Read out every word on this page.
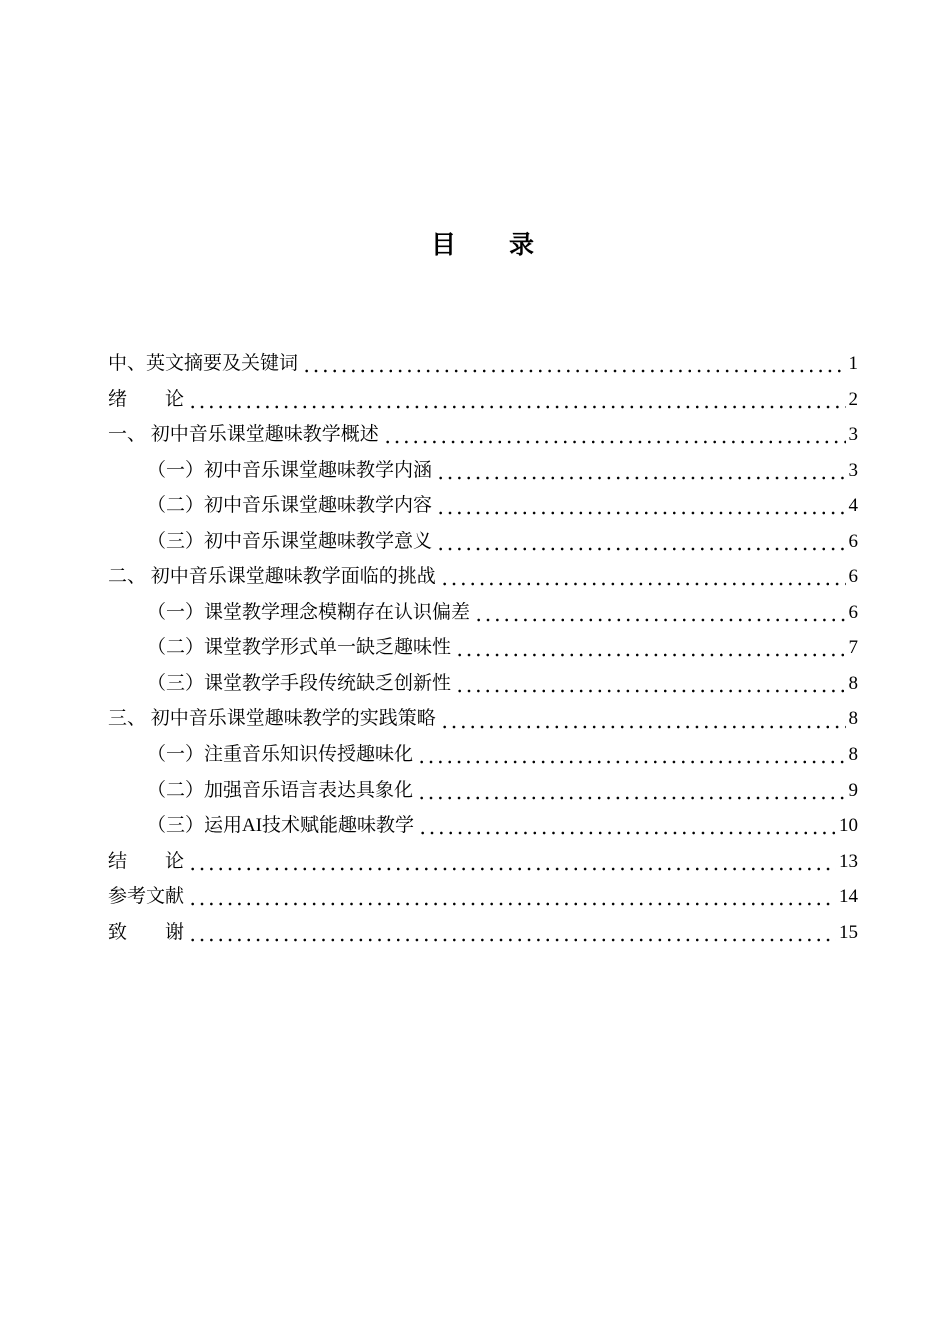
目　　录
中、英文摘要及关键词	1
绪　　论	2
一、 初中音乐课堂趣味教学概述	3
（一）初中音乐课堂趣味教学内涵	3
（二）初中音乐课堂趣味教学内容	4
（三）初中音乐课堂趣味教学意义	6
二、 初中音乐课堂趣味教学面临的挑战	6
（一）课堂教学理念模糊存在认识偏差	6
（二）课堂教学形式单一缺乏趣味性	7
（三）课堂教学手段传统缺乏创新性	8
三、 初中音乐课堂趣味教学的实践策略	8
（一）注重音乐知识传授趣味化	8
（二）加强音乐语言表达具象化	9
（三）运用AI技术赋能趣味教学	10
结　　论	13
参考文献	14
致　　谢	15
